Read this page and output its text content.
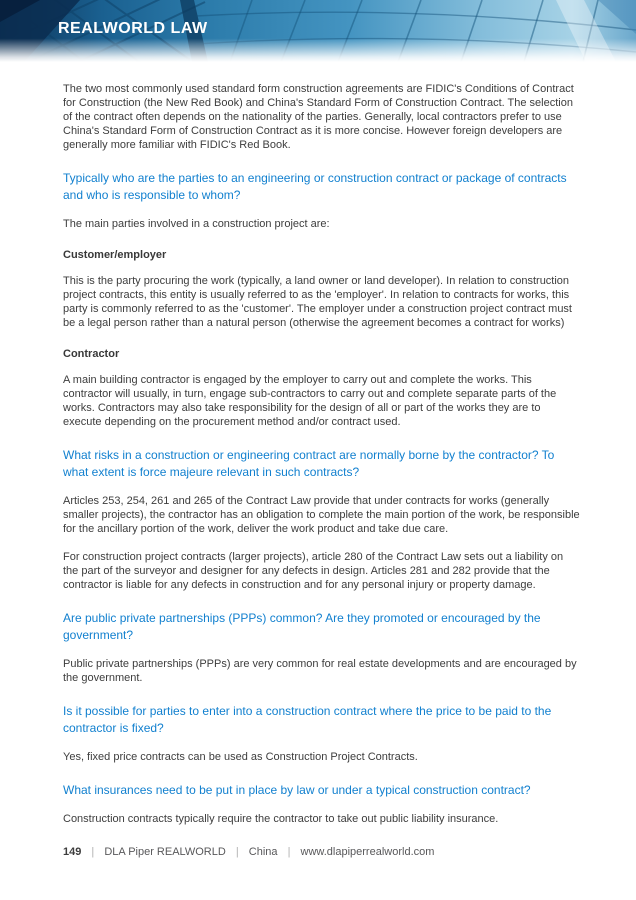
REALWORLD LAW

The two most commonly used standard form construction agreements are FIDIC's Conditions of Contract for Construction (the New Red Book) and China's Standard Form of Construction Contract. The selection of the contract often depends on the nationality of the parties. Generally, local contractors prefer to use China's Standard Form of Construction Contract as it is more concise. However foreign developers are generally more familiar with FIDIC's Red Book.

Typically who are the parties to an engineering or construction contract or package of contracts and who is responsible to whom?

The main parties involved in a construction project are:

Customer/employer

This is the party procuring the work (typically, a land owner or land developer). In relation to construction project contracts, this entity is usually referred to as the 'employer'. In relation to contracts for works, this party is commonly referred to as the 'customer'. The employer under a construction project contract must be a legal person rather than a natural person (otherwise the agreement becomes a contract for works)

Contractor

A main building contractor is engaged by the employer to carry out and complete the works. This contractor will usually, in turn, engage sub-contractors to carry out and complete separate parts of the works. Contractors may also take responsibility for the design of all or part of the works they are to execute depending on the procurement method and/or contract used.

What risks in a construction or engineering contract are normally borne by the contractor? To what extent is force majeure relevant in such contracts?

Articles 253, 254, 261 and 265 of the Contract Law provide that under contracts for works (generally smaller projects), the contractor has an obligation to complete the main portion of the work, be responsible for the ancillary portion of the work, deliver the work product and take due care.

For construction project contracts (larger projects), article 280 of the Contract Law sets out a liability on the part of the surveyor and designer for any defects in design. Articles 281 and 282 provide that the contractor is liable for any defects in construction and for any personal injury or property damage.

Are public private partnerships (PPPs) common? Are they promoted or encouraged by the government?

Public private partnerships (PPPs) are very common for real estate developments and are encouraged by the government.

Is it possible for parties to enter into a construction contract where the price to be paid to the contractor is fixed?

Yes, fixed price contracts can be used as Construction Project Contracts.

What insurances need to be put in place by law or under a typical construction contract?

Construction contracts typically require the contractor to take out public liability insurance.

149 | DLA Piper REALWORLD | China | www.dlapiperrealworld.com
